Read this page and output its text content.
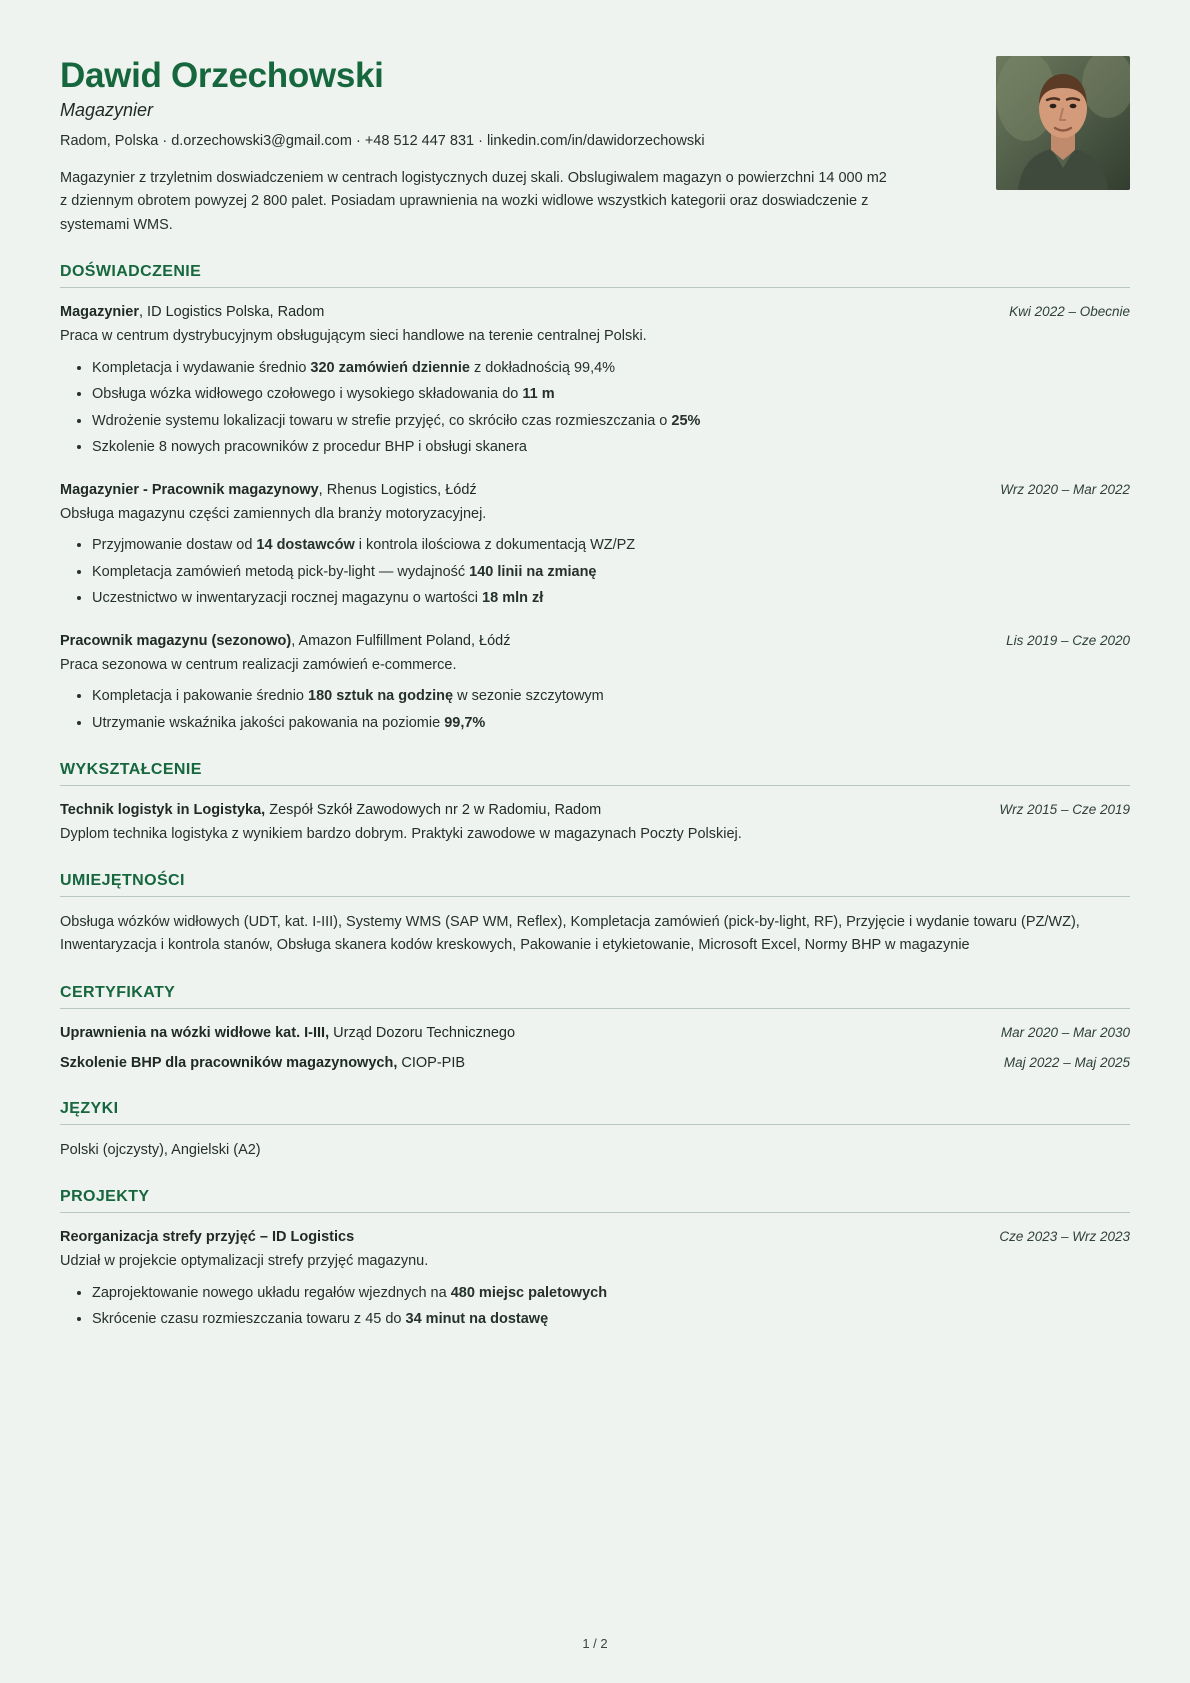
Dawid Orzechowski
Magazynier
Radom, Polska · d.orzechowski3@gmail.com · +48 512 447 831 · linkedin.com/in/dawidorzechowski
Magazynier z trzyletnim doswiadczeniem w centrach logistycznych duzej skali. Obslugiwalem magazyn o powierzchni 14 000 m2 z dziennym obrotem powyzej 2 800 palet. Posiadam uprawnienia na wozki widlowe wszystkich kategorii oraz doswiadczenie z systemami WMS.
DOŚWIADCZENIE
Magazynier, ID Logistics Polska, Radom	Kwi 2022 – Obecnie
Praca w centrum dystrybucyjnym obsługującym sieci handlowe na terenie centralnej Polski.
• Kompletacja i wydawanie średnio 320 zamówień dziennie z dokładnością 99,4%
• Obsługa wózka widłowego czołowego i wysokiego składowania do 11 m
• Wdrożenie systemu lokalizacji towaru w strefie przyjęć, co skróciło czas rozmieszczania o 25%
• Szkolenie 8 nowych pracowników z procedur BHP i obsługi skanera
Magazynier - Pracownik magazynowy, Rhenus Logistics, Łódź	Wrz 2020 – Mar 2022
Obsługa magazynu części zamiennych dla branży motoryzacyjnej.
• Przyjmowanie dostaw od 14 dostawców i kontrola ilościowa z dokumentacją WZ/PZ
• Kompletacja zamówień metodą pick-by-light — wydajność 140 linii na zmianę
• Uczestnictwo w inwentaryzacji rocznej magazynu o wartości 18 mln zł
Pracownik magazynu (sezonowo), Amazon Fulfillment Poland, Łódź	Lis 2019 – Cze 2020
Praca sezonowa w centrum realizacji zamówień e-commerce.
• Kompletacja i pakowanie średnio 180 sztuk na godzinę w sezonie szczytowym
• Utrzymanie wskaźnika jakości pakowania na poziomie 99,7%
WYKSZTAŁCENIE
Technik logistyk in Logistyka, Zespół Szkół Zawodowych nr 2 w Radomiu, Radom	Wrz 2015 – Cze 2019
Dyplom technika logistyka z wynikiem bardzo dobrym. Praktyki zawodowe w magazynach Poczty Polskiej.
UMIEJĘTNOŚCI
Obsługa wózków widłowych (UDT, kat. I-III), Systemy WMS (SAP WM, Reflex), Kompletacja zamówień (pick-by-light, RF), Przyjęcie i wydanie towaru (PZ/WZ), Inwentaryzacja i kontrola stanów, Obsługa skanera kodów kreskowych, Pakowanie i etykietowanie, Microsoft Excel, Normy BHP w magazynie
CERTYFIKATY
Uprawnienia na wózki widłowe kat. I-III, Urząd Dozoru Technicznego	Mar 2020 – Mar 2030
Szkolenie BHP dla pracowników magazynowych, CIOP-PIB	Maj 2022 – Maj 2025
JĘZYKI
Polski (ojczysty), Angielski (A2)
PROJEKTY
Reorganizacja strefy przyjęć – ID Logistics	Cze 2023 – Wrz 2023
Udział w projekcie optymalizacji strefy przyjęć magazynu.
• Zaprojektowanie nowego układu regałów wjezdnych na 480 miejsc paletowych
• Skrócenie czasu rozmieszczania towaru z 45 do 34 minut na dostawę
1 / 2
